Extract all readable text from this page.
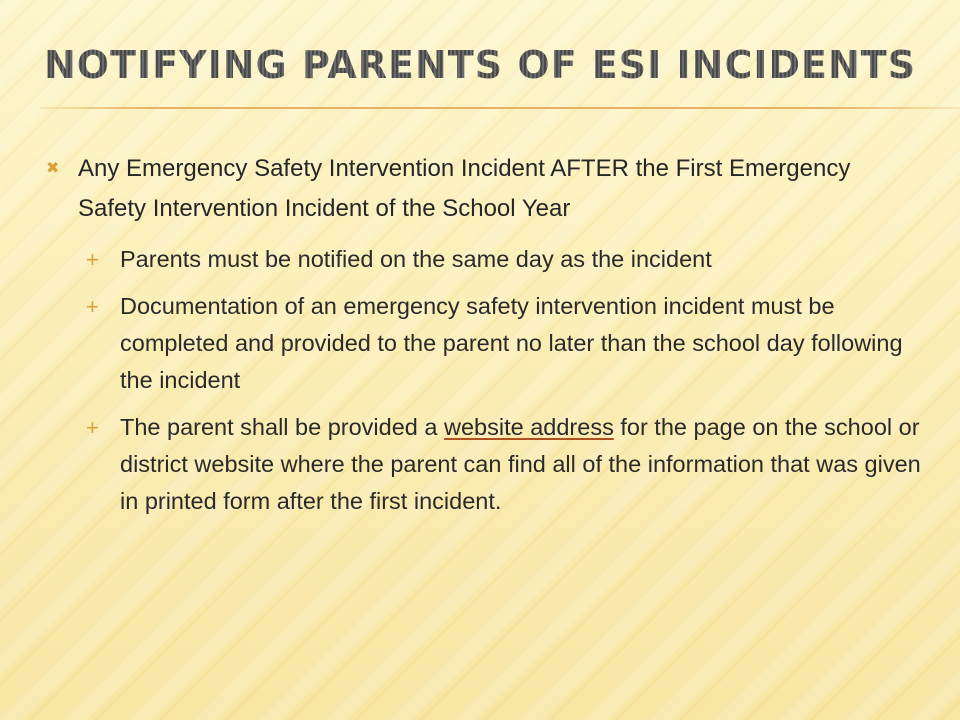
NOTIFYING PARENTS OF ESI INCIDENTS
✖ Any Emergency Safety Intervention Incident AFTER the First Emergency Safety Intervention Incident of the School Year
+ Parents must be notified on the same day as the incident
+ Documentation of an emergency safety intervention incident must be completed and provided to the parent no later than the school day following the incident
+ The parent shall be provided a website address for the page on the school or district website where the parent can find all of the information that was given in printed form after the first incident.
